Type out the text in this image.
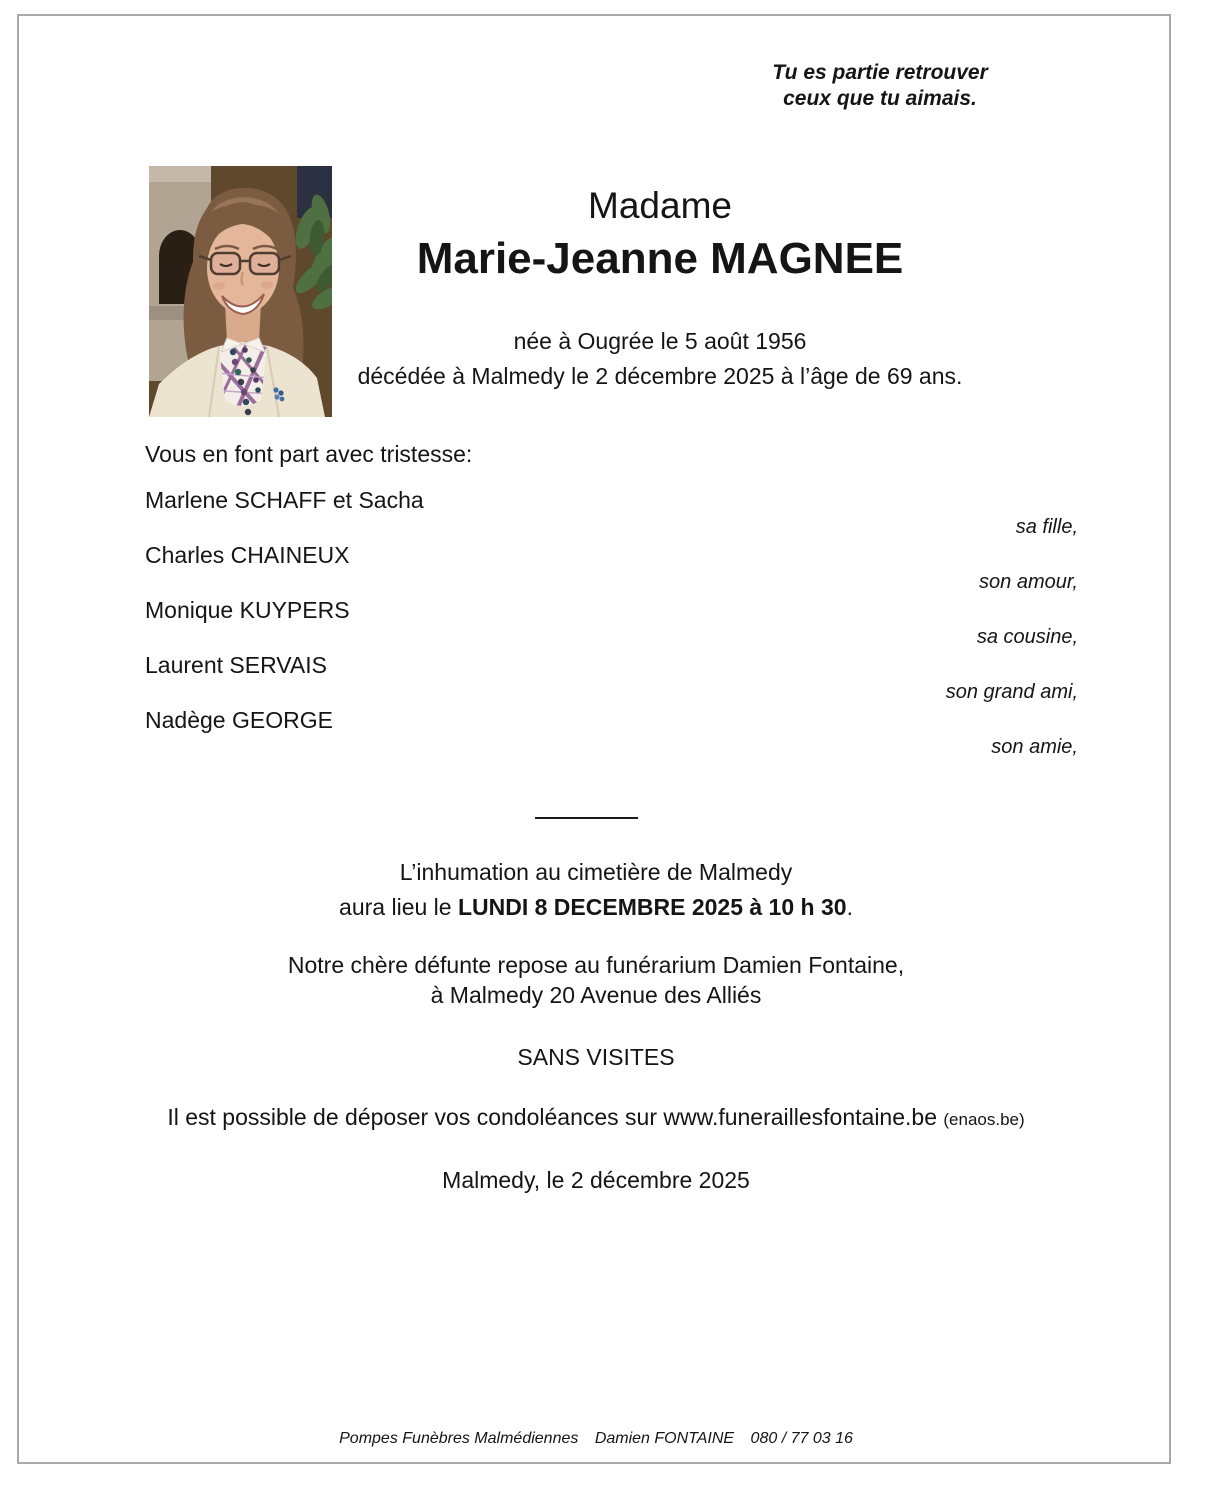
Tu es partie retrouver
ceux que tu aimais.
Madame
Marie-Jeanne MAGNEE
née à Ougrée le 5 août 1956
décédée à Malmedy le 2 décembre 2025 à l’âge de 69 ans.
Vous en font part avec tristesse:
Marlene SCHAFF et Sacha
sa fille,
Charles CHAINEUX
son amour,
Monique KUYPERS
sa cousine,
Laurent SERVAIS
son grand ami,
Nadège GEORGE
son amie,
L’inhumation au cimetière de Malmedy
aura lieu le LUNDI 8 DECEMBRE 2025 à 10 h 30.
Notre chère défunte repose au funérarium Damien Fontaine,
à Malmedy 20 Avenue des Alliés
SANS VISITES
Il est possible de déposer vos condoléances sur www.funeraillesfontaine.be (enaos.be)
Malmedy, le 2 décembre 2025
Pompes Funèbres Malmédiennes Damien FONTAINE 080 / 77 03 16
